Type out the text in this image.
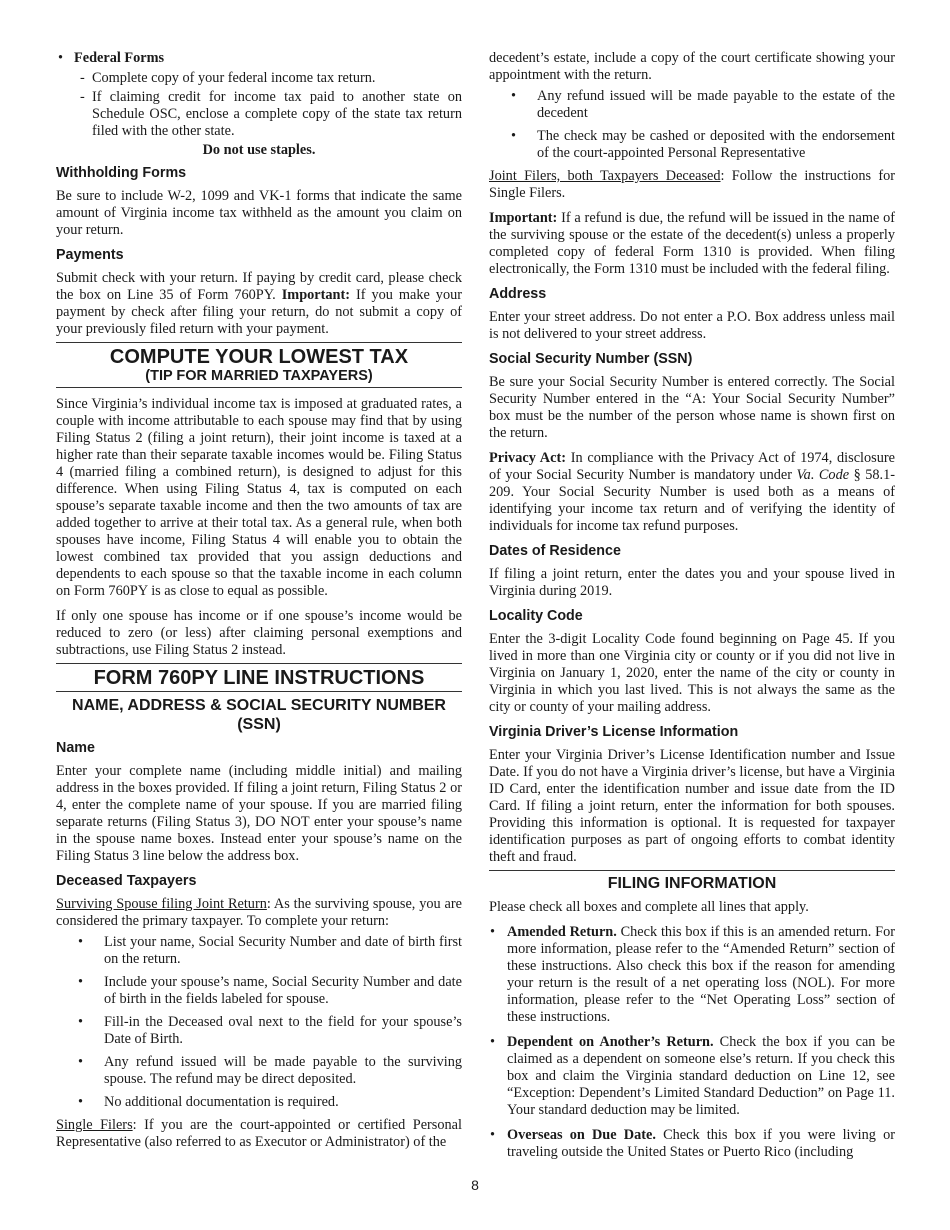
• Federal Forms
- Complete copy of your federal income tax return.
- If claiming credit for income tax paid to another state on Schedule OSC, enclose a complete copy of the state tax return filed with the other state.
Do not use staples.
Withholding Forms

Be sure to include W-2, 1099 and VK-1 forms that indicate the same amount of Virginia income tax withheld as the amount you claim on your return.

Payments

Submit check with your return. If paying by credit card, please check the box on Line 35 of Form 760PY. Important: If you make your payment by check after filing your return, do not submit a copy of your previously filed return with your payment.

COMPUTE YOUR LOWEST TAX
(TIP FOR MARRIED TAXPAYERS)

Since Virginia’s individual income tax is imposed at graduated rates, a couple with income attributable to each spouse may find that by using Filing Status 2 (filing a joint return), their joint income is taxed at a higher rate than their separate taxable incomes would be. Filing Status 4 (married filing a combined return), is designed to adjust for this difference. When using Filing Status 4, tax is computed on each spouse’s separate taxable income and then the two amounts of tax are added together to arrive at their total tax. As a general rule, when both spouses have income, Filing Status 4 will enable you to obtain the lowest combined tax provided that you assign deductions and dependents to each spouse so that the taxable income in each column on Form 760PY is as close to equal as possible.

If only one spouse has income or if one spouse’s income would be reduced to zero (or less) after claiming personal exemptions and subtractions, use Filing Status 2 instead.

FORM 760PY LINE INSTRUCTIONS
NAME, ADDRESS & SOCIAL SECURITY NUMBER (SSN)
Name

Enter your complete name (including middle initial) and mailing address in the boxes provided. If filing a joint return, Filing Status 2 or 4, enter the complete name of your spouse. If you are married filing separate returns (Filing Status 3), DO NOT enter your spouse’s name in the spouse name boxes. Instead enter your spouse’s name on the Filing Status 3 line below the address box.

Deceased Taxpayers

Surviving Spouse filing Joint Return: As the surviving spouse, you are considered the primary taxpayer. To complete your return:

• List your name, Social Security Number and date of birth first on the return.
• Include your spouse’s name, Social Security Number and date of birth in the fields labeled for spouse.
• Fill-in the Deceased oval next to the field for your spouse’s Date of Birth.
• Any refund issued will be made payable to the surviving spouse. The refund may be direct deposited.
• No additional documentation is required.

Single Filers: If you are the court-appointed or certified Personal Representative (also referred to as Executor or Administrator) of the

decedent’s estate, include a copy of the court certificate showing your appointment with the return.

• Any refund issued will be made payable to the estate of the decedent
• The check may be cashed or deposited with the endorsement of the court-appointed Personal Representative

Joint Filers, both Taxpayers Deceased: Follow the instructions for Single Filers.

Important: If a refund is due, the refund will be issued in the name of the surviving spouse or the estate of the decedent(s) unless a properly completed copy of federal Form 1310 is provided. When filing electronically, the Form 1310 must be included with the federal filing.

Address

Enter your street address. Do not enter a P.O. Box address unless mail is not delivered to your street address.

Social Security Number (SSN)

Be sure your Social Security Number is entered correctly. The Social Security Number entered in the “A: Your Social Security Number” box must be the number of the person whose name is shown first on the return.

Privacy Act: In compliance with the Privacy Act of 1974, disclosure of your Social Security Number is mandatory under Va. Code § 58.1-209. Your Social Security Number is used both as a means of identifying your income tax return and of verifying the identity of individuals for income tax refund purposes.

Dates of Residence

If filing a joint return, enter the dates you and your spouse lived in Virginia during 2019.

Locality Code

Enter the 3-digit Locality Code found beginning on Page 45. If you lived in more than one Virginia city or county or if you did not live in Virginia on January 1, 2020, enter the name of the city or county in Virginia in which you last lived. This is not always the same as the city or county of your mailing address.

Virginia Driver’s License Information

Enter your Virginia Driver’s License Identification number and Issue Date. If you do not have a Virginia driver’s license, but have a Virginia ID Card, enter the identification number and issue date from the ID Card. If filing a joint return, enter the information for both spouses. Providing this information is optional. It is requested for taxpayer identification purposes as part of ongoing efforts to combat identity theft and fraud.

FILING INFORMATION

Please check all boxes and complete all lines that apply.

• Amended Return. Check this box if this is an amended return. For more information, please refer to the “Amended Return” section of these instructions. Also check this box if the reason for amending your return is the result of a net operating loss (NOL). For more information, please refer to the “Net Operating Loss” section of these instructions.
• Dependent on Another’s Return. Check the box if you can be claimed as a dependent on someone else’s return. If you check this box and claim the Virginia standard deduction on Line 12, see “Exception: Dependent’s Limited Standard Deduction” on Page 11. Your standard deduction may be limited.
• Overseas on Due Date. Check this box if you were living or traveling outside the United States or Puerto Rico (including
8
